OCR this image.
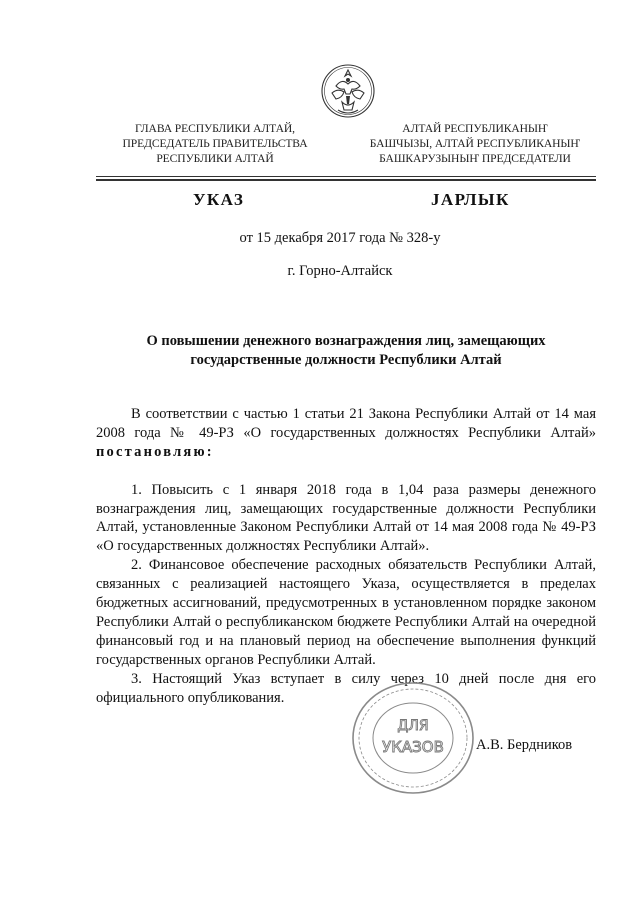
ГЛАВА РЕСПУБЛИКИ АЛТАЙ,
ПРЕДСЕДАТЕЛЬ ПРАВИТЕЛЬСТВА
РЕСПУБЛИКИ АЛТАЙ
АЛТАЙ РЕСПУБЛИКАНЫҤ
БАШЧЫЗЫ, АЛТАЙ РЕСПУБЛИКАНЫҤ
БАШКАРУЗЫНЫҤ ПРЕДСЕДАТЕЛИ
УКАЗ	JАРЛЫК
от 15 декабря 2017 года № 328-у
г. Горно-Алтайск
О повышении денежного вознаграждения лиц, замещающих
государственные должности Республики Алтай

В соответствии с частью 1 статьи 21 Закона Республики Алтай от 14 мая 2008 года № 49-РЗ «О государственных должностях Республики Алтай» постановляю:

1. Повысить с 1 января 2018 года в 1,04 раза размеры денежного вознаграждения лиц, замещающих государственные должности Республики Алтай, установленные Законом Республики Алтай от 14 мая 2008 года № 49-РЗ «О государственных должностях Республики Алтай».

2. Финансовое обеспечение расходных обязательств Республики Алтай, связанных с реализацией настоящего Указа, осуществляется в пределах бюджетных ассигнований, предусмотренных в установленном порядке законом Республики Алтай о республиканском бюджете Республики Алтай на очередной финансовый год и на плановый период на обеспечение выполнения функций государственных органов Республики Алтай.

3. Настоящий Указ вступает в силу через 10 дней после дня его официального опубликования.

ДЛЯ
УКАЗОВ А.В. Бердников
